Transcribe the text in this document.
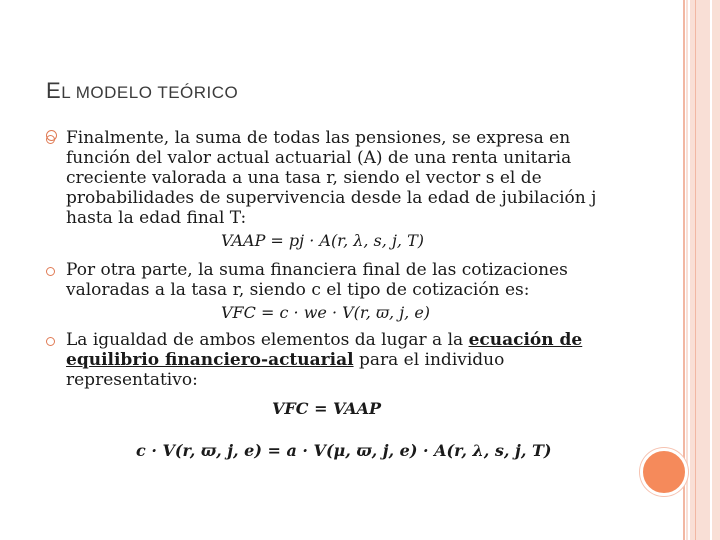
EL MODELO TEÓRICO

Finalmente, la suma de todas las pensiones, se expresa en función del valor actual actuarial (A) de una renta unitaria creciente valorada a una tasa r, siendo el vector s el de probabilidades de supervivencia desde la edad de jubilación j hasta la edad final T:

VAAP = pj · A(r, λ, s, j, T)

Por otra parte, la suma financiera final de las cotizaciones valoradas a la tasa r, siendo c el tipo de cotización es:

VFC = c · we · V(r, ϖ, j, e)

La igualdad de ambos elementos da lugar a la ecuación de equilibrio financiero-actuarial para el individuo representativo:

VFC = VAAP
c · V(r, ϖ, j, e) = a · V(μ, ϖ, j, e) · A(r, λ, s, j, T)
